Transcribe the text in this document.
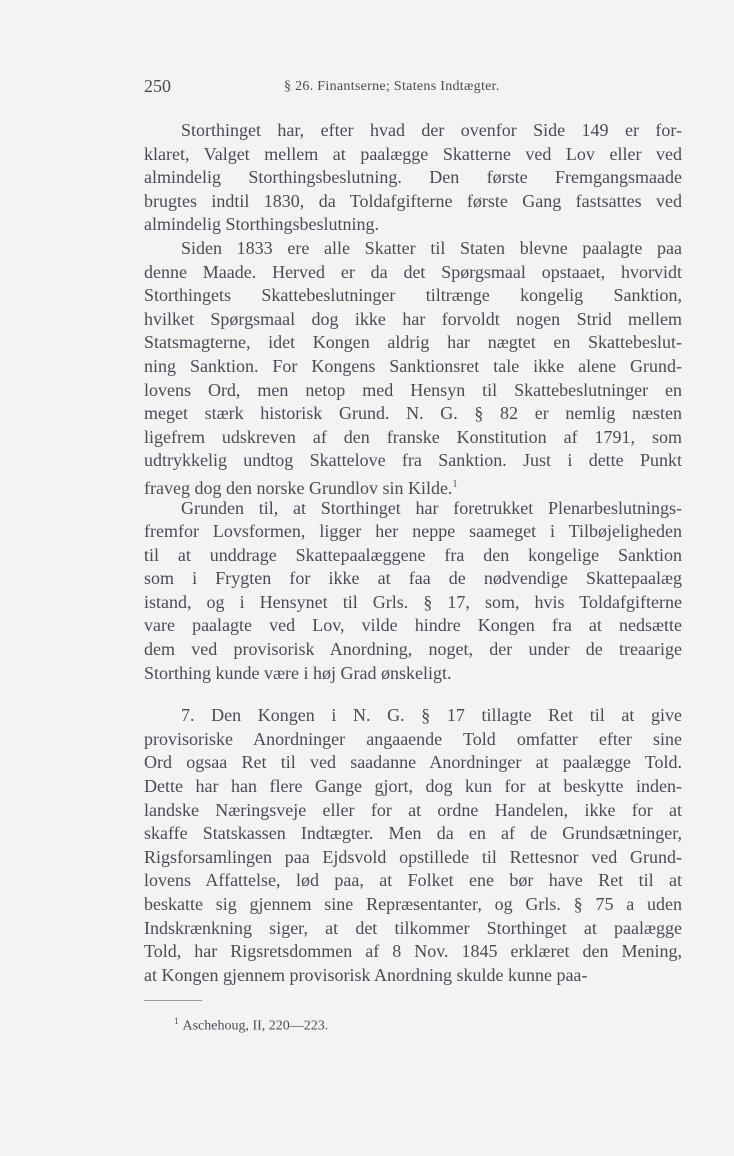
250	§ 26. Finantserne; Statens Indtægter.
Storthinget har, efter hvad der ovenfor Side 149 er for-
klaret, Valget mellem at paalægge Skatterne ved Lov eller ved
almindelig Storthingsbeslutning. Den første Fremgangsmaade
brugtes indtil 1830, da Toldafgifterne første Gang fastsattes ved
almindelig Storthingsbeslutning.
Siden 1833 ere alle Skatter til Staten blevne paalagte paa
denne Maade. Herved er da det Spørgsmaal opstaaet, hvorvidt
Storthingets Skattebeslutninger tiltrænge kongelig Sanktion,
hvilket Spørgsmaal dog ikke har forvoldt nogen Strid mellem
Statsmagterne, idet Kongen aldrig har nægtet en Skattebeslut-
ning Sanktion. For Kongens Sanktionsret tale ikke alene Grund-
lovens Ord, men netop med Hensyn til Skattebeslutninger en
meget stærk historisk Grund. N. G. § 82 er nemlig næsten
ligefrem udskreven af den franske Konstitution af 1791, som
udtrykkelig undtog Skattelove fra Sanktion. Just i dette Punkt
fraveg dog den norske Grundlov sin Kilde.$^1$
Grunden til, at Storthinget har foretrukket Plenarbeslutnings-
fremfor Lovsformen, ligger her neppe saameget i Tilbøjeligheden
til at unddrage Skattepaalæggene fra den kongelige Sanktion
som i Frygten for ikke at faa de nødvendige Skattepaalæg
istand, og i Hensynet til Grls. § 17, som, hvis Toldafgifterne
vare paalagte ved Lov, vilde hindre Kongen fra at nedsætte
dem ved provisorisk Anordning, noget, der under de treaarige
Storthing kunde være i høj Grad ønskeligt.
7. Den Kongen i N. G. § 17 tillagte Ret til at give
provisoriske Anordninger angaaende Told omfatter efter sine
Ord ogsaa Ret til ved saadanne Anordninger at paalægge Told.
Dette har han flere Gange gjort, dog kun for at beskytte inden-
landske Næringsveje eller for at ordne Handelen, ikke for at
skaffe Statskassen Indtægter. Men da en af de Grundsætninger,
Rigsforsamlingen paa Ejdsvold opstillede til Rettesnor ved Grund-
lovens Affattelse, lød paa, at Folket ene bør have Ret til at
beskatte sig gjennem sine Repræsentanter, og Grls. § 75 a uden
Indskrænkning siger, at det tilkommer Storthinget at paalægge
Told, har Rigsretsdommen af 8 Nov. 1845 erklæret den Mening,
at Kongen gjennem provisorisk Anordning skulde kunne paa-
$^1$ Aschehoug, II, 220—223.
